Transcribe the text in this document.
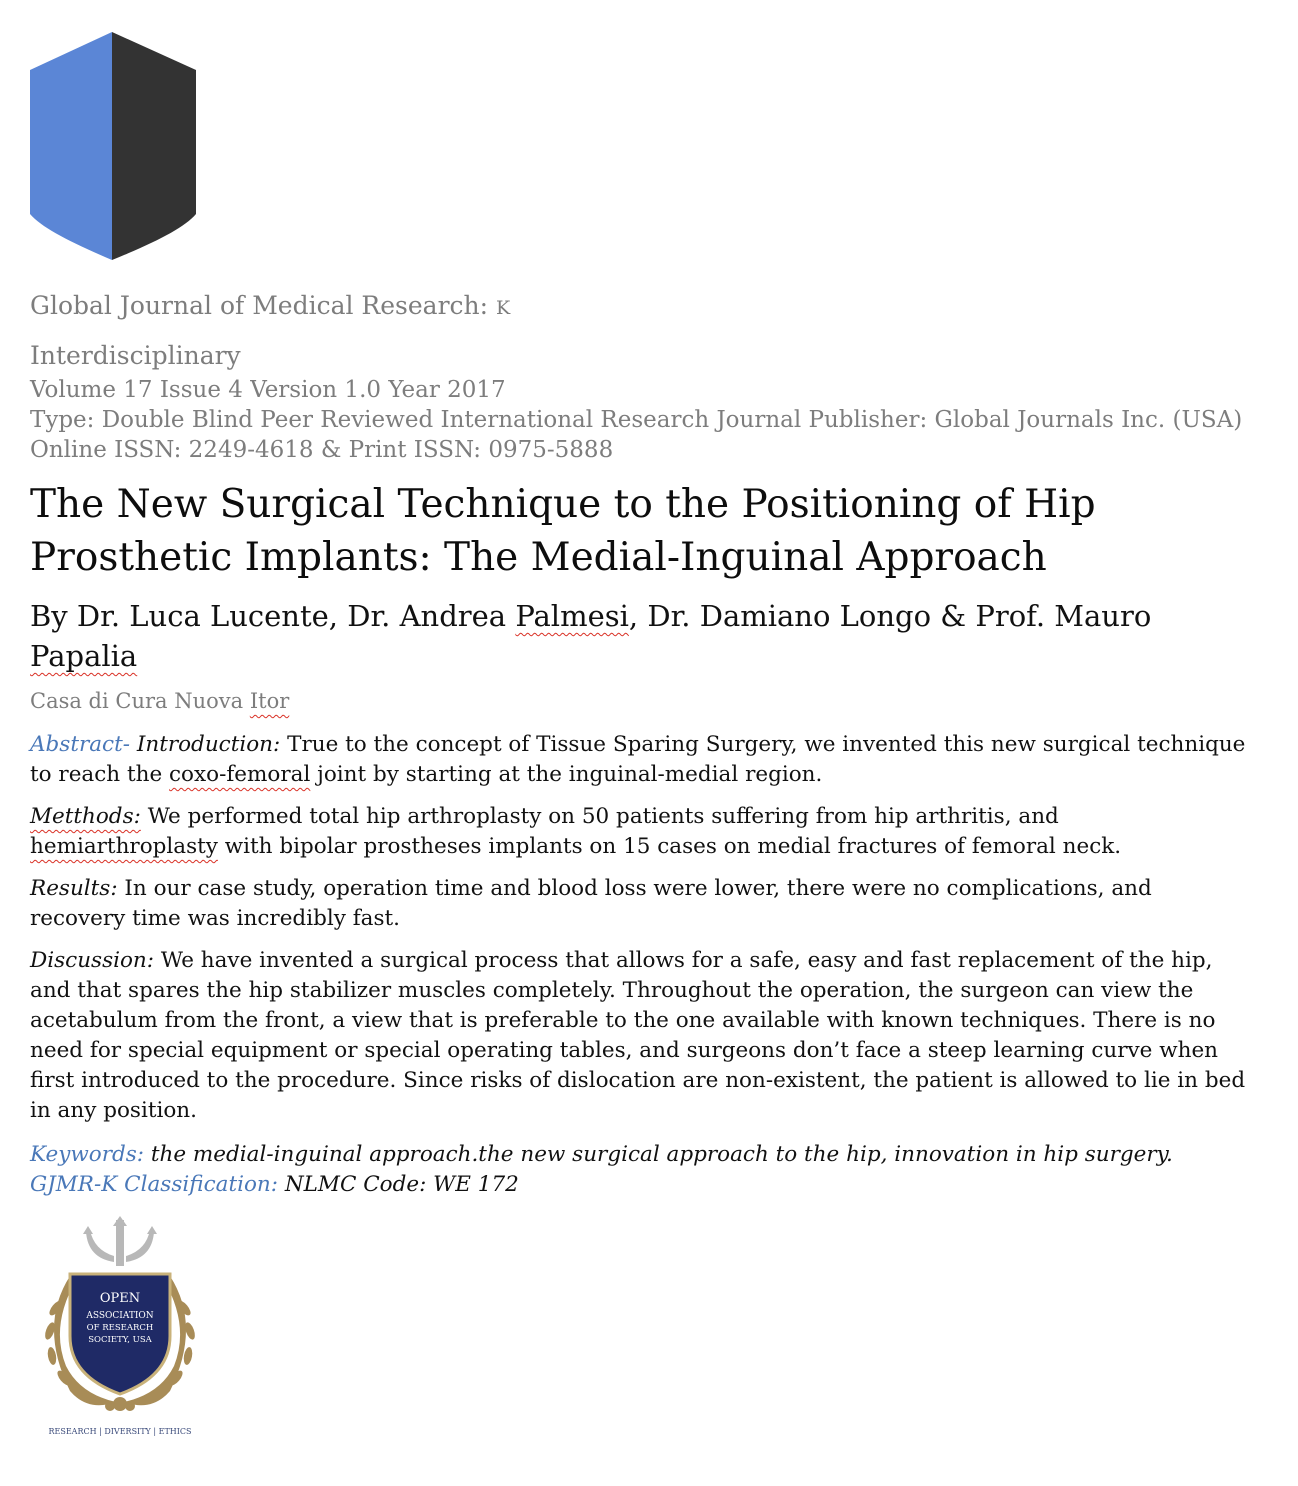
Global Journal of Medical Research: K
Interdisciplinary
Volume 17 Issue 4 Version 1.0 Year 2017
Type: Double Blind Peer Reviewed International Research Journal Publisher: Global Journals Inc. (USA)
Online ISSN: 2249-4618 & Print ISSN: 0975-5888
The New Surgical Technique to the Positioning of Hip
Prosthetic Implants: The Medial-Inguinal Approach
By Dr. Luca Lucente, Dr. Andrea Palmesi, Dr. Damiano Longo & Prof. Mauro
Papalia
Casa di Cura Nuova Itor

Abstract- Introduction: True to the concept of Tissue Sparing Surgery, we invented this new surgical technique to reach the coxo-femoral joint by starting at the inguinal-medial region.

Metthods: We performed total hip arthroplasty on 50 patients suffering from hip arthritis, and hemiarthroplasty with bipolar prostheses implants on 15 cases on medial fractures of femoral neck.

Results: In our case study, operation time and blood loss were lower, there were no complications, and recovery time was incredibly fast.

Discussion: We have invented a surgical process that allows for a safe, easy and fast replacement of the hip, and that spares the hip stabilizer muscles completely. Throughout the operation, the surgeon can view the acetabulum from the front, a view that is preferable to the one available with known techniques. There is no need for special equipment or special operating tables, and surgeons don’t face a steep learning curve when first introduced to the procedure. Since risks of dislocation are non-existent, the patient is allowed to lie in bed in any position.

Keywords: the medial-inguinal approach.the new surgical approach to the hip, innovation in hip surgery.
GJMR-K Classification: NLMC Code: WE 172
OPEN
ASSOCIATION
OF RESEARCH
SOCIETY, USA
RESEARCH | DIVERSITY | ETHICS
